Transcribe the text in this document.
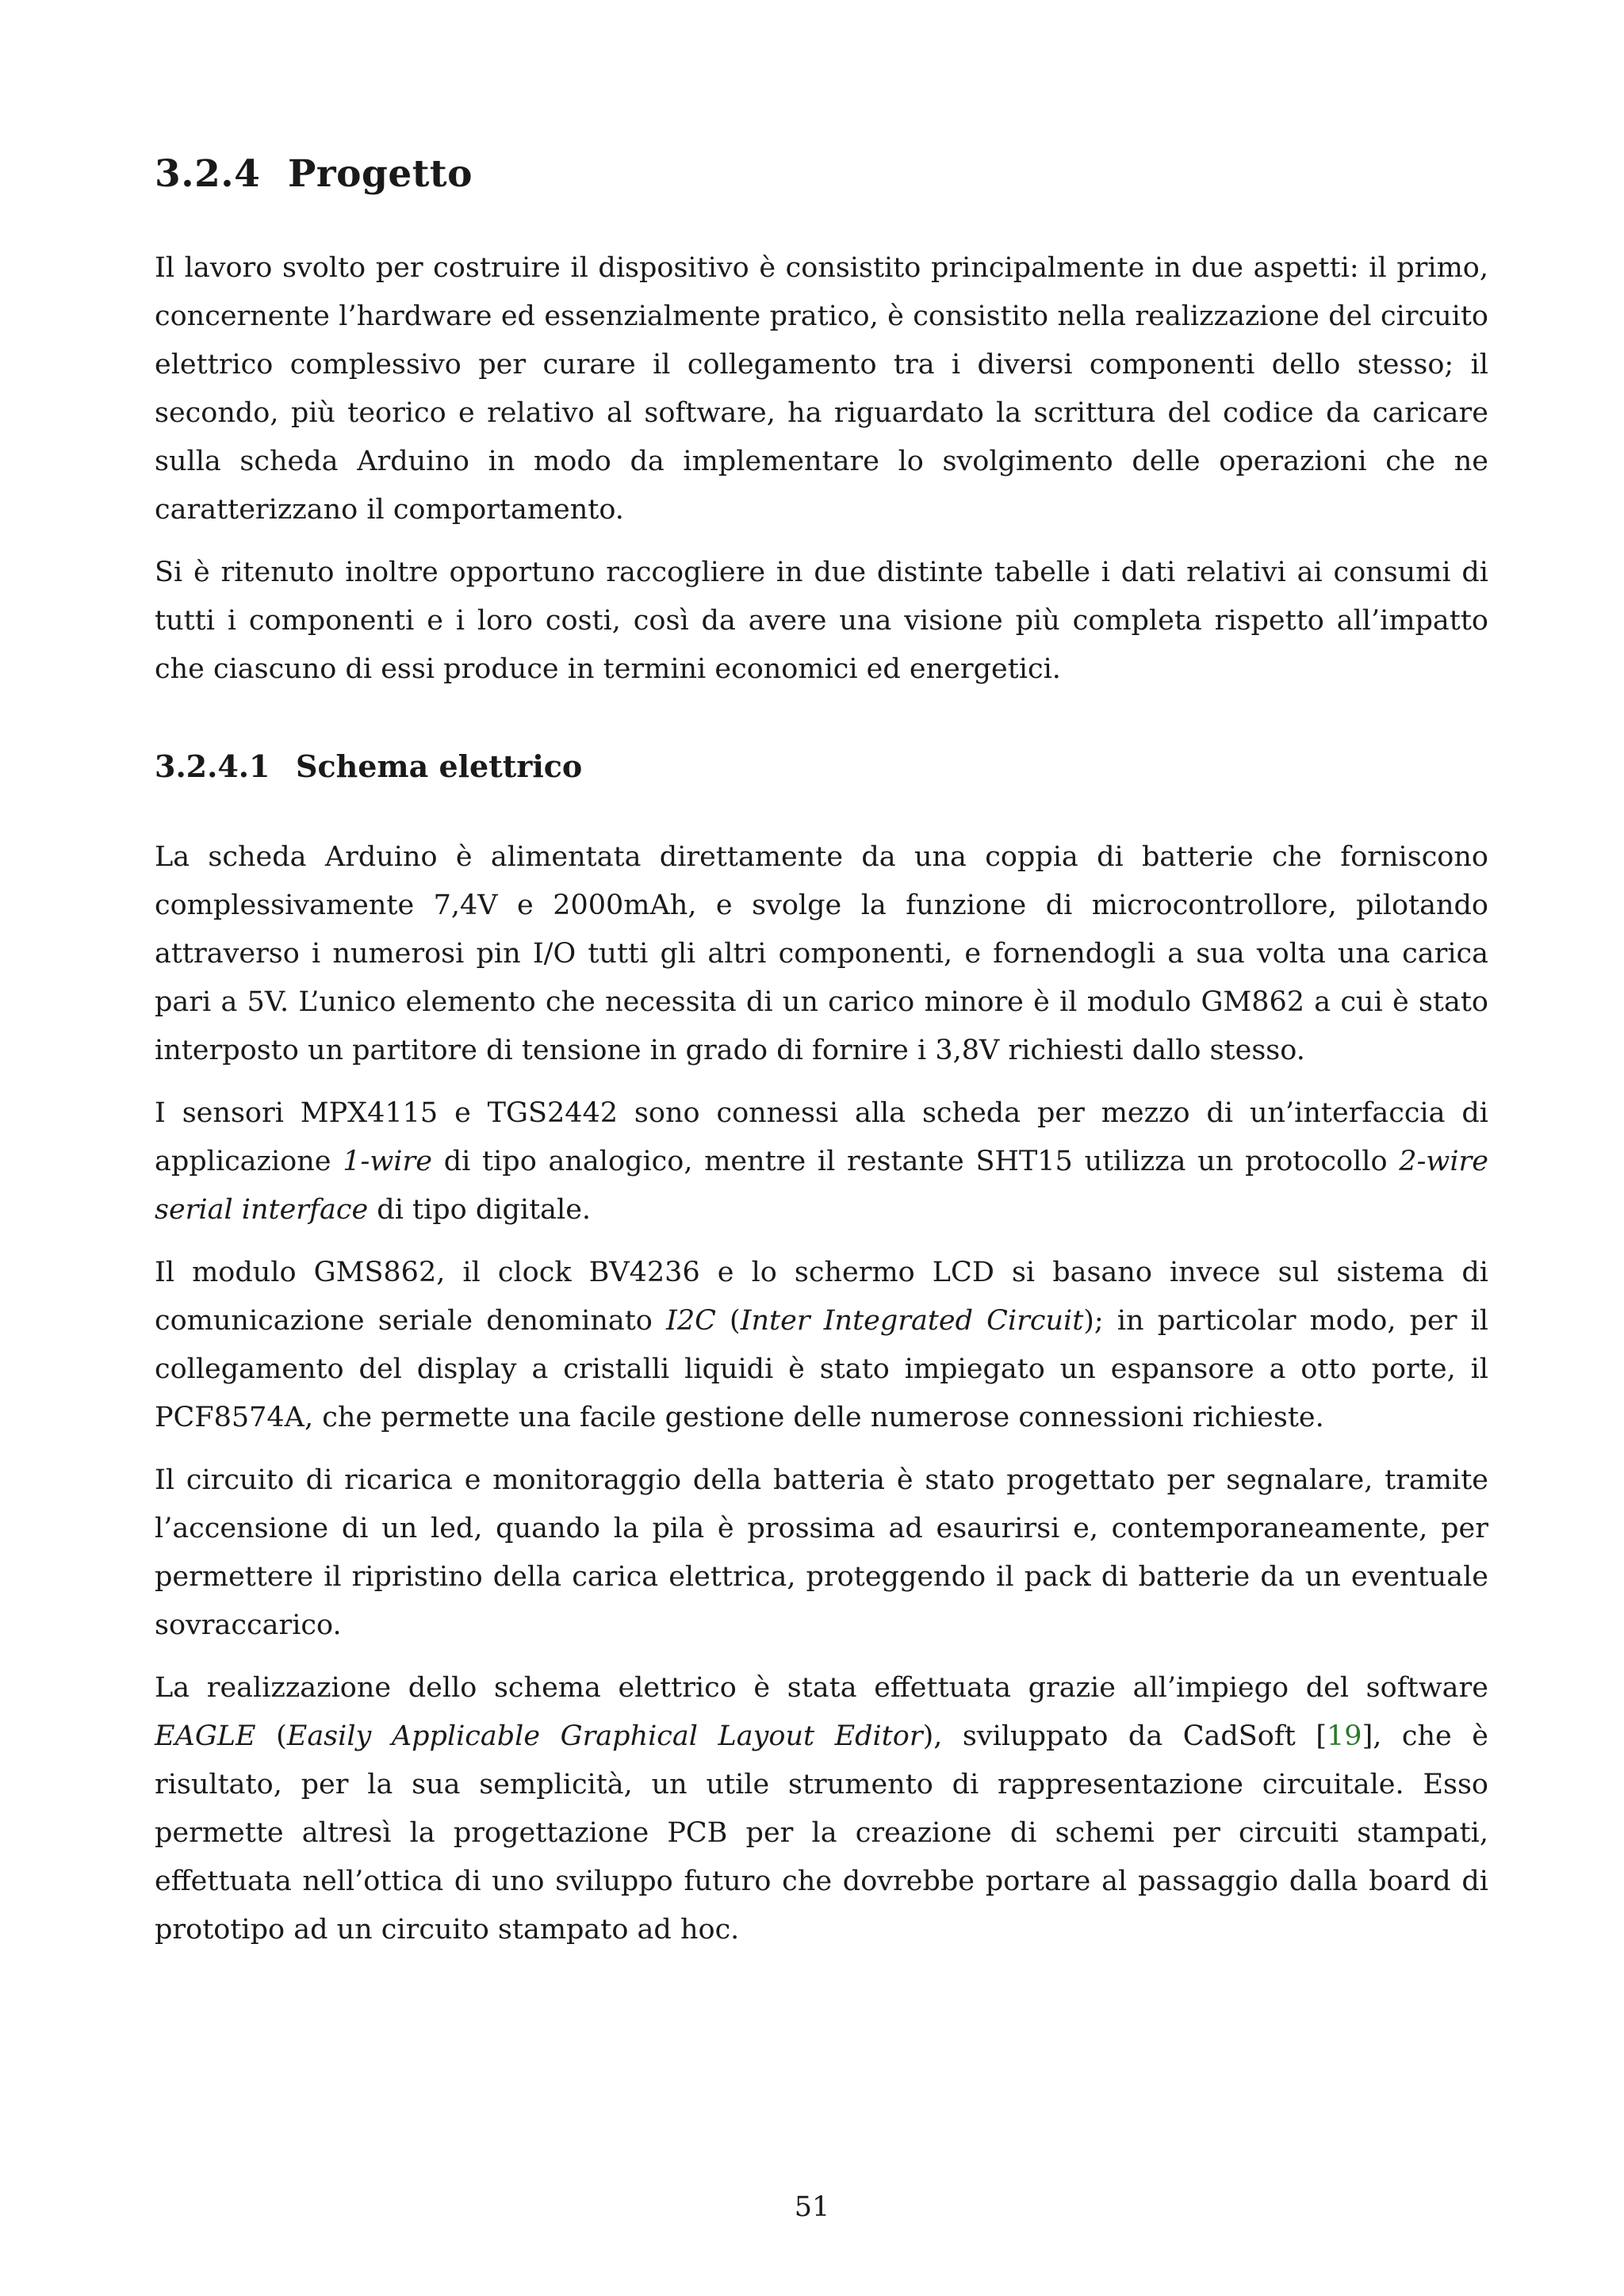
3.2.4 Progetto

Il lavoro svolto per costruire il dispositivo è consistito principalmente in due aspetti: il primo, concernente l’hardware ed essenzialmente pratico, è consistito nella realizzazione del circuito elettrico complessivo per curare il collegamento tra i diversi componenti dello stesso; il secondo, più teorico e relativo al software, ha riguardato la scrittura del codice da caricare sulla scheda Arduino in modo da implementare lo svolgimento delle operazioni che ne caratterizzano il comportamento.

Si è ritenuto inoltre opportuno raccogliere in due distinte tabelle i dati relativi ai consumi di tutti i componenti e i loro costi, così da avere una visione più completa rispetto all’impatto che ciascuno di essi produce in termini economici ed energetici.

3.2.4.1 Schema elettrico

La scheda Arduino è alimentata direttamente da una coppia di batterie che forniscono complessivamente 7,4V e 2000mAh, e svolge la funzione di microcontrollore, pilotando attraverso i numerosi pin I/O tutti gli altri componenti, e fornendogli a sua volta una carica pari a 5V. L’unico elemento che necessita di un carico minore è il modulo GM862 a cui è stato interposto un partitore di tensione in grado di fornire i 3,8V richiesti dallo stesso.

I sensori MPX4115 e TGS2442 sono connessi alla scheda per mezzo di un’interfaccia di applicazione 1-wire di tipo analogico, mentre il restante SHT15 utilizza un protocollo 2-wire serial interface di tipo digitale.

Il modulo GMS862, il clock BV4236 e lo schermo LCD si basano invece sul sistema di comunicazione seriale denominato I2C (Inter Integrated Circuit); in particolar modo, per il collegamento del display a cristalli liquidi è stato impiegato un espansore a otto porte, il PCF8574A, che permette una facile gestione delle numerose connessioni richieste.

Il circuito di ricarica e monitoraggio della batteria è stato progettato per segnalare, tramite l’accensione di un led, quando la pila è prossima ad esaurirsi e, contemporaneamente, per permettere il ripristino della carica elettrica, proteggendo il pack di batterie da un eventuale sovraccarico.

La realizzazione dello schema elettrico è stata effettuata grazie all’impiego del software EAGLE (Easily Applicable Graphical Layout Editor), sviluppato da CadSoft [19], che è risultato, per la sua semplicità, un utile strumento di rappresentazione circuitale. Esso permette altresì la progettazione PCB per la creazione di schemi per circuiti stampati, effettuata nell’ottica di uno sviluppo futuro che dovrebbe portare al passaggio dalla board di prototipo ad un circuito stampato ad hoc.

51
